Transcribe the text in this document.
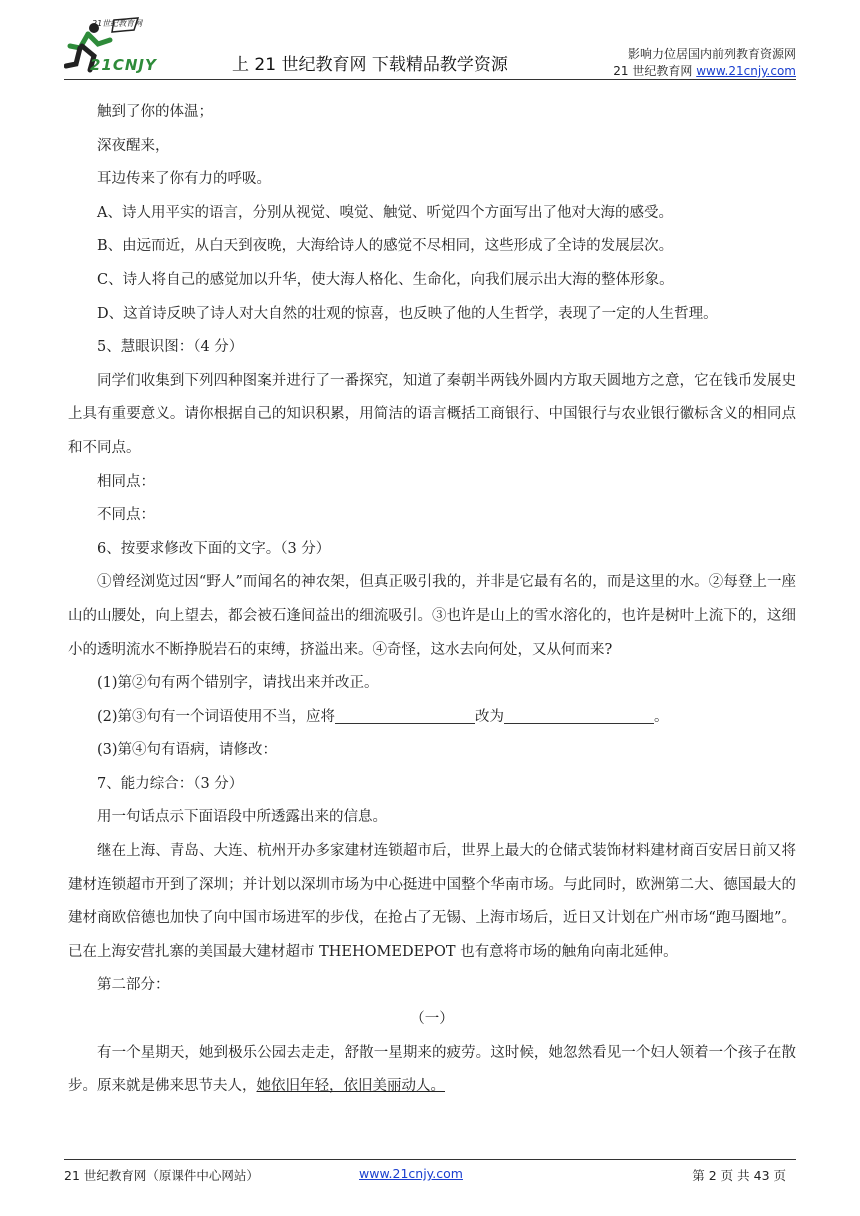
21世纪教育网
21CNJY	上 21 世纪教育网 下载精品教学资源
影响力位居国内前列教育资源网
21 世纪教育网 www.21cnjy.com

触到了你的体温；

深夜醒来，

耳边传来了你有力的呼吸。

A、诗人用平实的语言，分别从视觉、嗅觉、触觉、听觉四个方面写出了他对大海的感受。

B、由远而近，从白天到夜晚，大海给诗人的感觉不尽相同，这些形成了全诗的发展层次。

C、诗人将自己的感觉加以升华，使大海人格化、生命化，向我们展示出大海的整体形象。

D、这首诗反映了诗人对大自然的壮观的惊喜，也反映了他的人生哲学，表现了一定的人生哲理。

5、慧眼识图：（4 分）

同学们收集到下列四种图案并进行了一番探究，知道了秦朝半两钱外圆内方取天圆地方之意，它在钱币发展史上具有重要意义。请你根据自己的知识积累，用简洁的语言概括工商银行、中国银行与农业银行徽标含义的相同点和不同点。

相同点：

不同点：

6、按要求修改下面的文字。（3 分）

①曾经浏览过因“野人”而闻名的神农架，但真正吸引我的，并非是它最有名的，而是这里的水。②每登上一座山的山腰处，向上望去，都会被石逢间益出的细流吸引。③也许是山上的雪水溶化的，也许是树叶上流下的，这细小的透明流水不断挣脱岩石的束缚，挤溢出来。④奇怪，这水去向何处，又从何而来?

(1)第②句有两个错别字，请找出来并改正。

(2)第③句有一个词语使用不当，应将	改为	。

(3)第④句有语病，请修改：

7、能力综合：（3 分）

用一句话点示下面语段中所透露出来的信息。

继在上海、青岛、大连、杭州开办多家建材连锁超市后，世界上最大的仓储式装饰材料建材商百安居日前又将建材连锁超市开到了深圳；并计划以深圳市场为中心挺进中国整个华南市场。与此同时，欧洲第二大、德国最大的建材商欧倍德也加快了向中国市场进军的步伐，在抢占了无锡、上海市场后，近日又计划在广州市场“跑马圈地”。已在上海安营扎寨的美国最大建材超市 THEHOMEDEPOT 也有意将市场的触角向南北延伸。

第二部分：

（一）

有一个星期天，她到极乐公园去走走，舒散一星期来的疲劳。这时候，她忽然看见一个妇人领着一个孩子在散步。原来就是佛来思节夫人，她依旧年轻，依旧美丽动人。

21 世纪教育网（原课件中心网站）	www.21cnjy.com	第 2 页 共 43 页
